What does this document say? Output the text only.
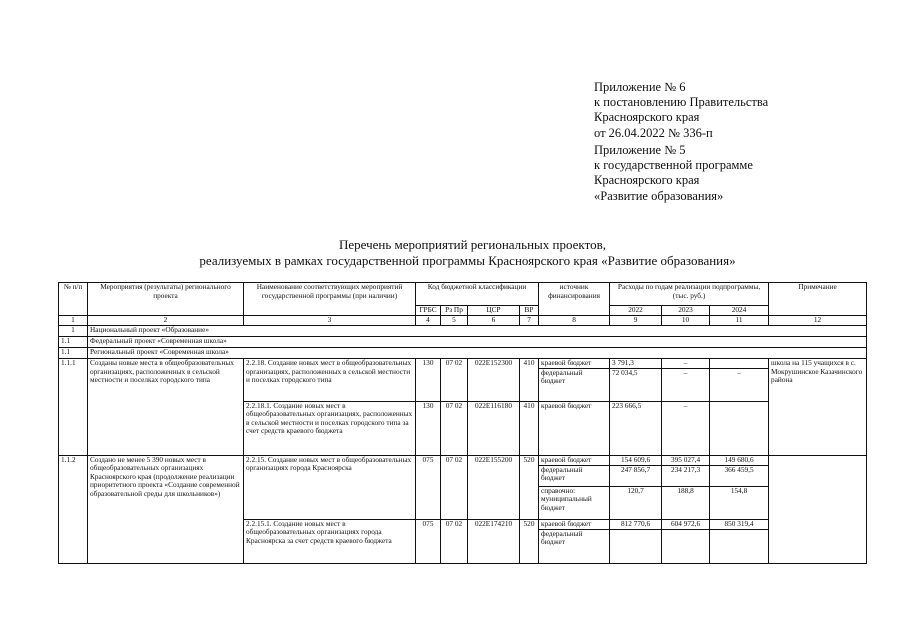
Приложение № 6
к постановлению Правительства
Красноярского края
от 26.04.2022 № 336-п
Приложение № 5
к государственной программе
Красноярского края
«Развитие образования»
Перечень мероприятий региональных проектов,
реализуемых в рамках государственной программы Красноярского края «Развитие образования»
№ п/п	Мероприятия (результаты) регионального проекта	Наименование соответствующих мероприятий государственной программы (при наличии)	Код бюджетной классификации				источник финансирования	Расходы по годам реализации подпрограммы, (тыс. руб.)			Примечание
			ГРБС	Рз Пр	ЦСР	ВР		2022	2023	2024	
1	2	3	4	5	6	7	8	9	10	11	12
1	Национальный проект «Образование»										
1.1	Федеральный проект «Современная школа»										
1.1	Региональный проект «Современная школа»										
1.1.1	Созданы новые места в общеобразовательных организациях, расположенных в сельской местности и поселках городского типа	2.2.18. Создание новых мест в общеобразовательных организациях, расположенных в сельской местности и поселках городского типа	130	07 02	022E152300	410	краевой бюджет	3 791,3	–		школа на 115 учащихся в с. Мокрушинское Казачинского района
							федеральный бюджет	72 034,5	–	–	
		2.2.18.1. Создание новых мест в общеобразовательных организациях, расположенных в сельской местности и поселках городского типа за счет средств краевого бюджета	130	07 02	022E116180	410	краевой бюджет	223 666,5	–		
1.1.2	Создано не менее 5 390 новых мест в общеобразовательных организациях Красноярского края (продолжение реализации приоритетного проекта «Создание современной образовательной среды для школьников»)	2.2.15. Создание новых мест в общеобразовательных организациях города Красноярска	075	07 02	022E155200	520	краевой бюджет	154 609,6	395 027,4	149 680,6	
							федеральный бюджет	247 856,7	234 217,3	366 459,5	
							справочно: муниципальный бюджет	120,7	188,8	154,8	
		2.2.15.1. Создание новых мест в общеобразовательных организациях города Красноярска за счет средств краевого бюджета	075	07 02	022E174210	520	краевой бюджет	812 770,6	604 972,6	850 319,4	
							федеральный бюджет				
